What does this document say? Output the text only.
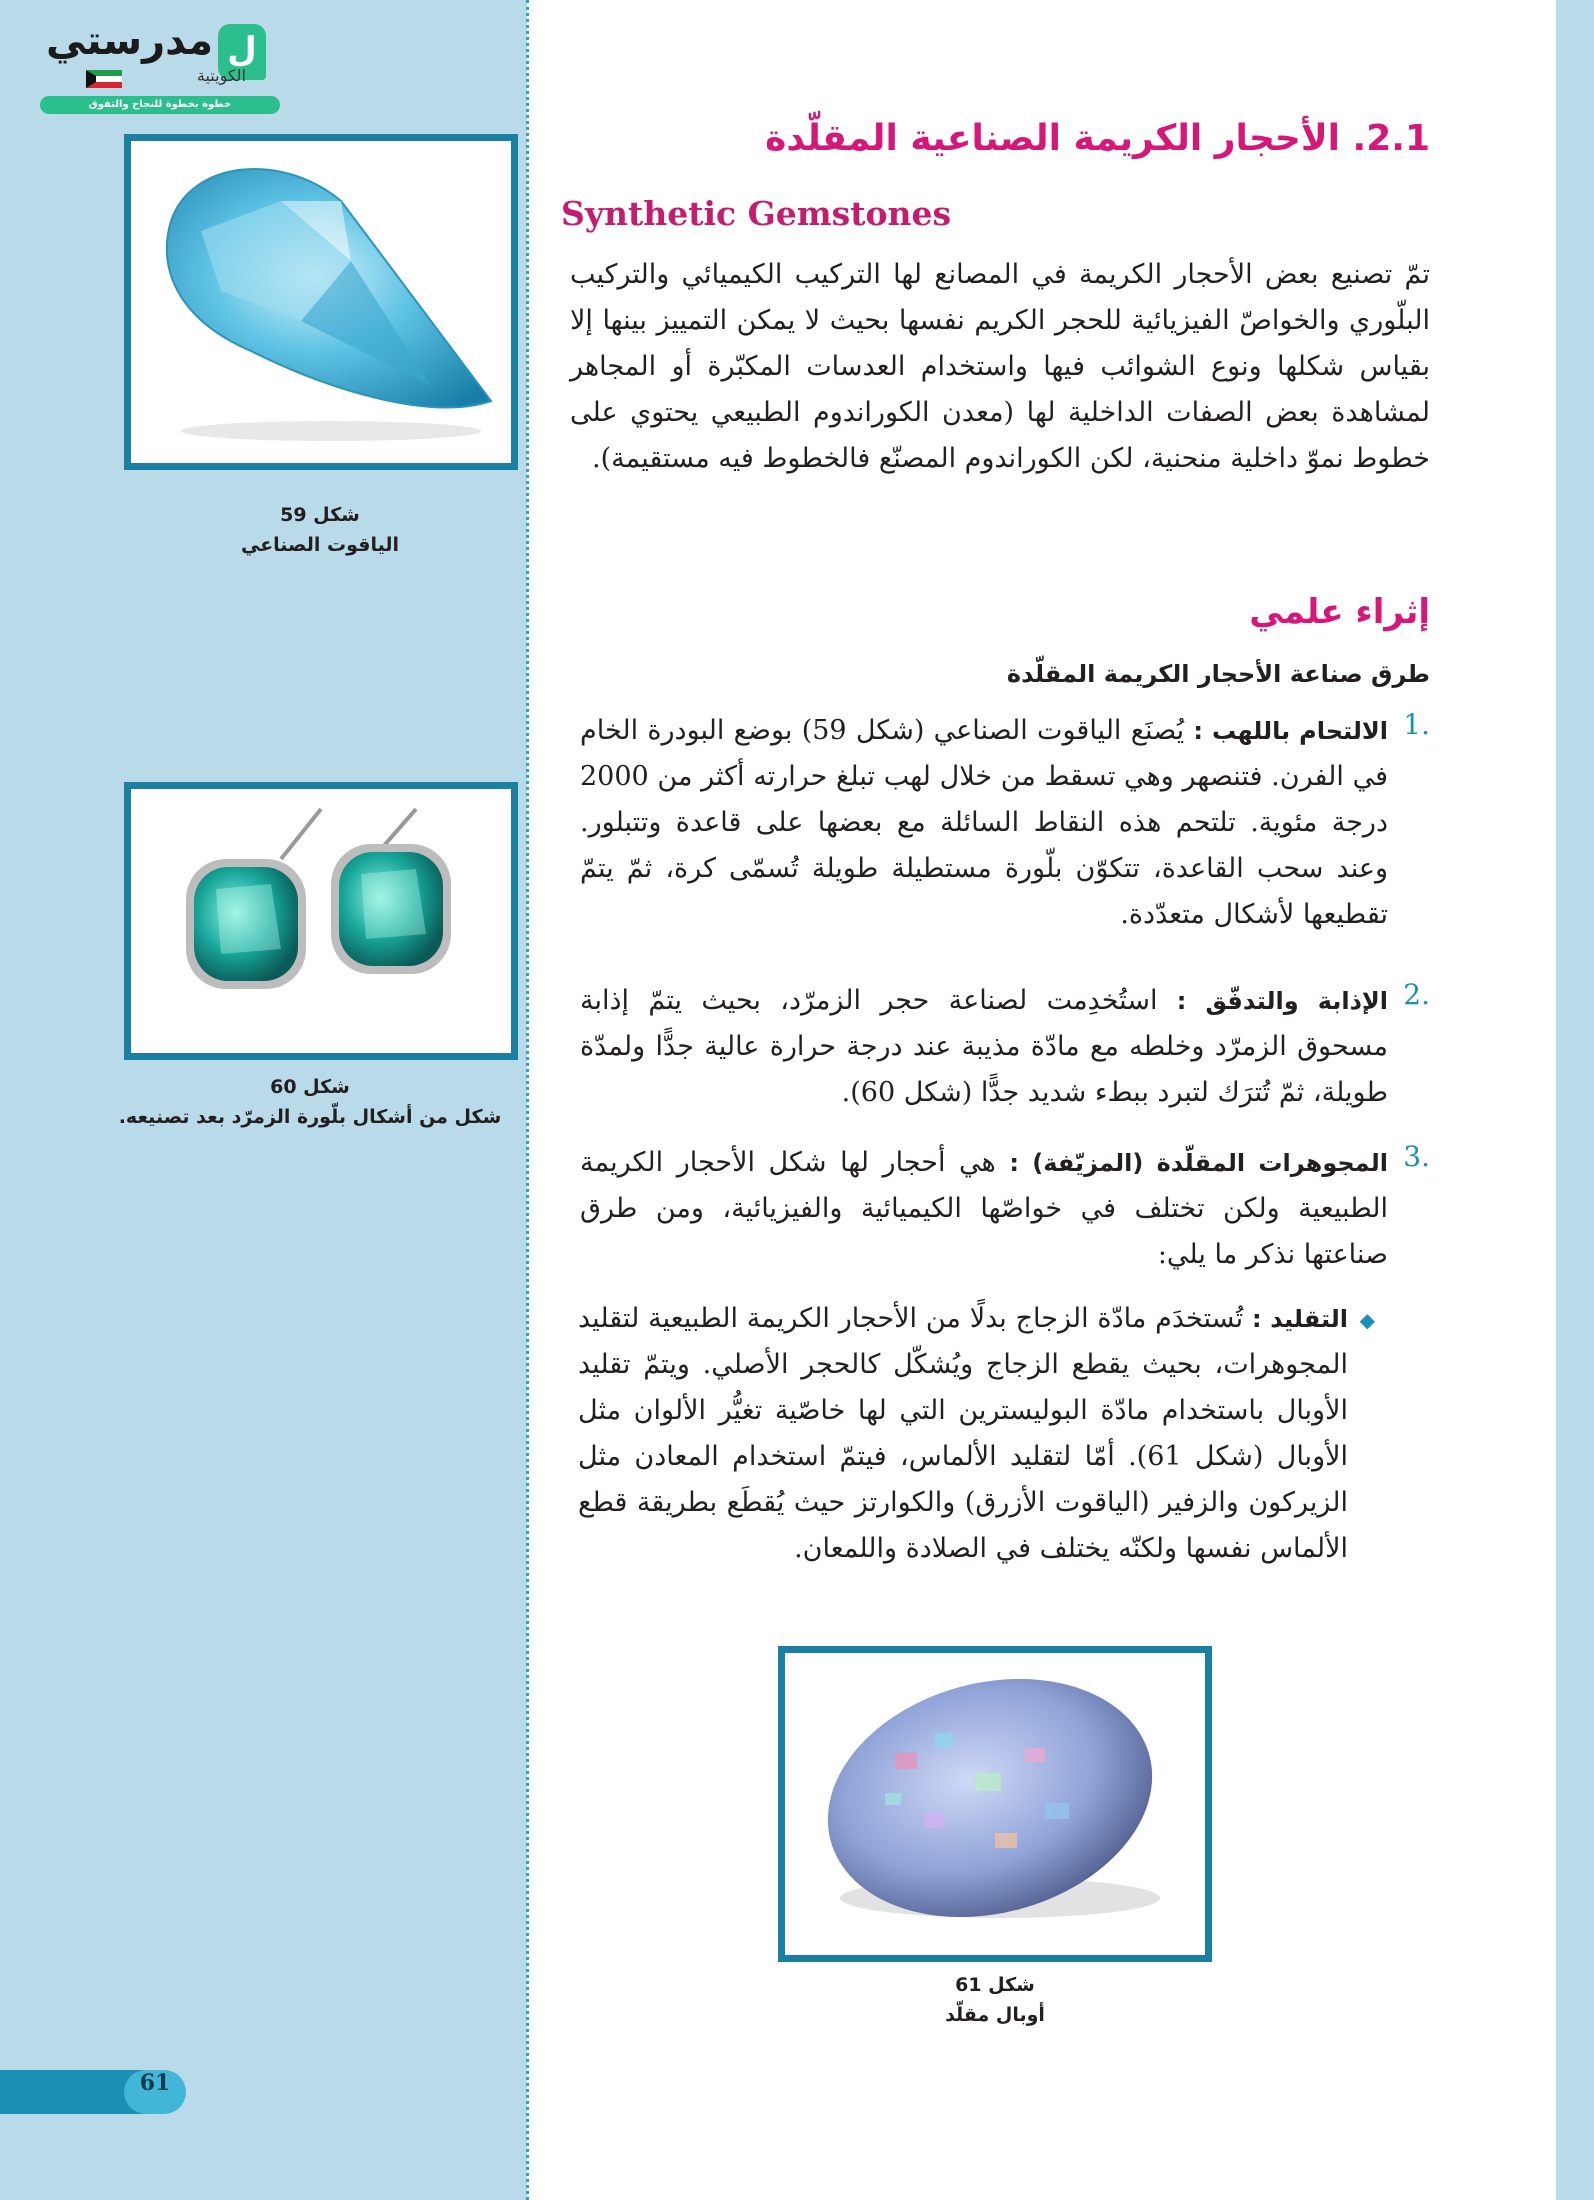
مدرستي ل
الكويتية
خطوة بخطوة للنجاح والتفوق
شكل 59
الياقوت الصناعي
شكل 60
شكل من أشكال بلّورة الزمرّد بعد تصنيعه.
2.1. الأحجار الكريمة الصناعية المقلّدة
Synthetic Gemstones
تمّ تصنيع بعض الأحجار الكريمة في المصانع لها التركيب الكيميائي والتركيب البلّوري والخواصّ الفيزيائية للحجر الكريم نفسها بحيث لا يمكن التمييز بينها إلا بقياس شكلها ونوع الشوائب فيها واستخدام العدسات المكبّرة أو المجاهر لمشاهدة بعض الصفات الداخلية لها (معدن الكوراندوم الطبيعي يحتوي على خطوط نموّ داخلية منحنية، لكن الكوراندوم المصنّع فالخطوط فيه مستقيمة).
إثراء علمي
طرق صناعة الأحجار الكريمة المقلّدة
1.
الالتحام باللهب : يُصنَع الياقوت الصناعي (شكل 59) بوضع البودرة الخام في الفرن. فتنصهر وهي تسقط من خلال لهب تبلغ حرارته أكثر من 2000 درجة مئوية. تلتحم هذه النقاط السائلة مع بعضها على قاعدة وتتبلور. وعند سحب القاعدة، تتكوّن بلّورة مستطيلة طويلة تُسمّى كرة، ثمّ يتمّ تقطيعها لأشكال متعدّدة.
2.
الإذابة والتدفّق : استُخدِمت لصناعة حجر الزمرّد، بحيث يتمّ إذابة مسحوق الزمرّد وخلطه مع مادّة مذيبة عند درجة حرارة عالية جدًّا ولمدّة طويلة، ثمّ تُترَك لتبرد ببطء شديد جدًّا (شكل 60).
3.
المجوهرات المقلّدة (المزيّفة) : هي أحجار لها شكل الأحجار الكريمة الطبيعية ولكن تختلف في خواصّها الكيميائية والفيزيائية، ومن طرق صناعتها نذكر ما يلي:
◆
التقليد : تُستخدَم مادّة الزجاج بدلًا من الأحجار الكريمة الطبيعية لتقليد المجوهرات، بحيث يقطع الزجاج ويُشكّل كالحجر الأصلي. ويتمّ تقليد الأوبال باستخدام مادّة البوليسترين التي لها خاصّية تغيُّر الألوان مثل الأوبال (شكل 61). أمّا لتقليد الألماس، فيتمّ استخدام المعادن مثل الزيركون والزفير (الياقوت الأزرق) والكوارتز حيث يُقطَع بطريقة قطع الألماس نفسها ولكنّه يختلف في الصلادة واللمعان.
شكل 61
أوبال مقلّد
61
